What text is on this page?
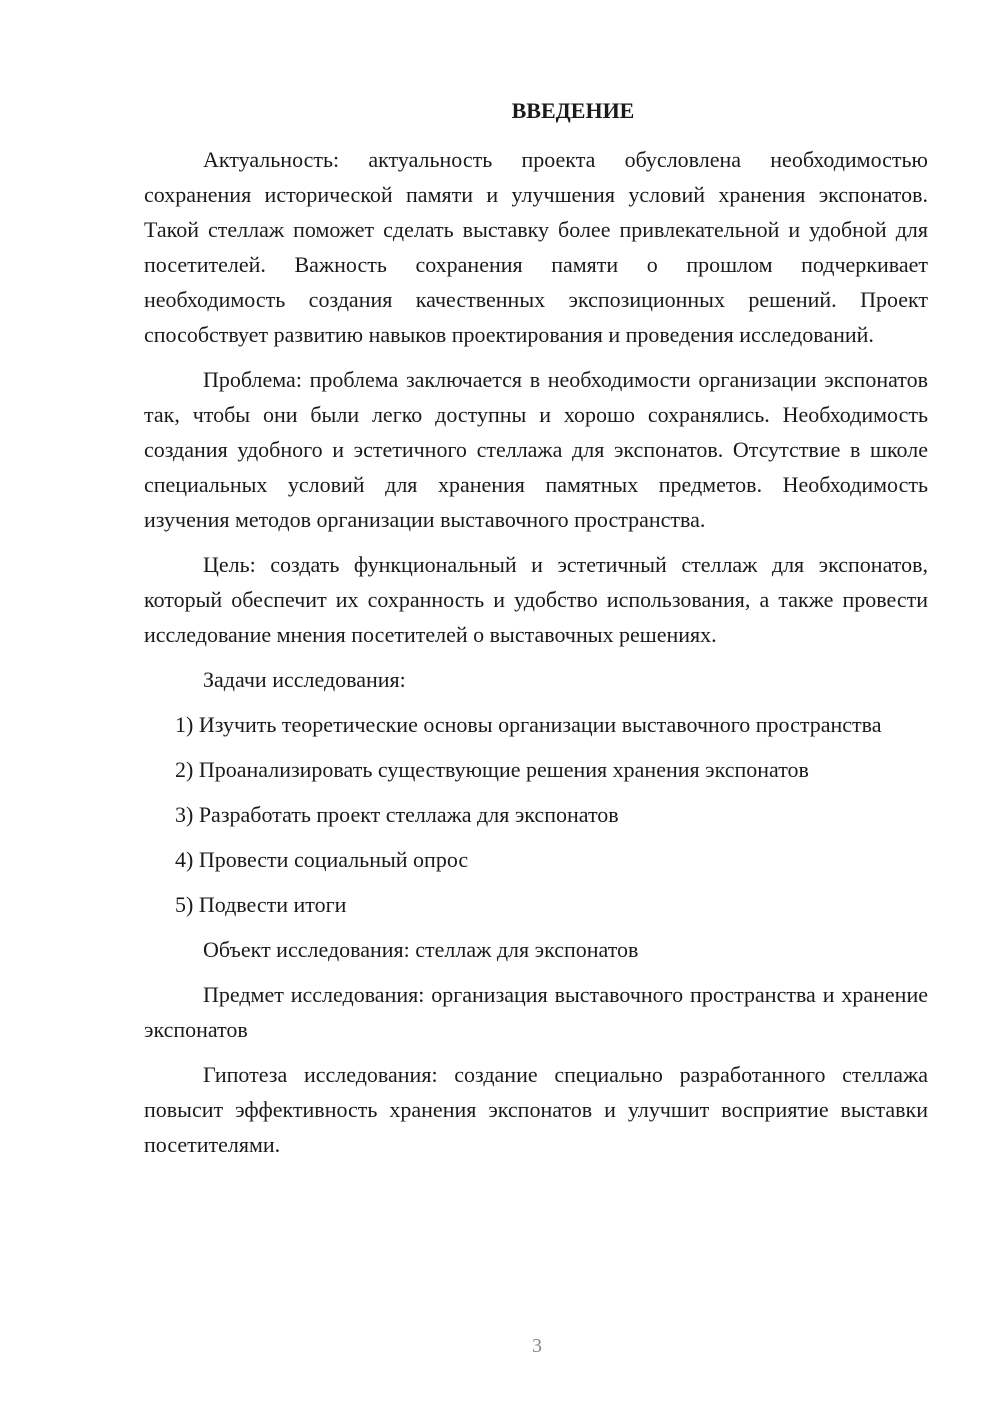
ВВЕДЕНИЕ

Актуальность: актуальность проекта обусловлена необходимостью сохранения исторической памяти и улучшения условий хранения экспонатов. Такой стеллаж поможет сделать выставку более привлекательной и удобной для посетителей. Важность сохранения памяти о прошлом подчеркивает необходимость создания качественных экспозиционных решений. Проект способствует развитию навыков проектирования и проведения исследований.

Проблема: проблема заключается в необходимости организации экспонатов так, чтобы они были легко доступны и хорошо сохранялись. Необходимость создания удобного и эстетичного стеллажа для экспонатов. Отсутствие в школе специальных условий для хранения памятных предметов. Необходимость изучения методов организации выставочного пространства.

Цель: создать функциональный и эстетичный стеллаж для экспонатов, который обеспечит их сохранность и удобство использования, а также провести исследование мнения посетителей о выставочных решениях.

Задачи исследования:

1) Изучить теоретические основы организации выставочного пространства

2) Проанализировать существующие решения хранения экспонатов

3) Разработать проект стеллажа для экспонатов

4) Провести социальный опрос

5) Подвести итоги

Объект исследования: стеллаж для экспонатов

Предмет исследования: организация выставочного пространства и хранение экспонатов

Гипотеза исследования: создание специально разработанного стеллажа повысит эффективность хранения экспонатов и улучшит восприятие выставки посетителями.

3
